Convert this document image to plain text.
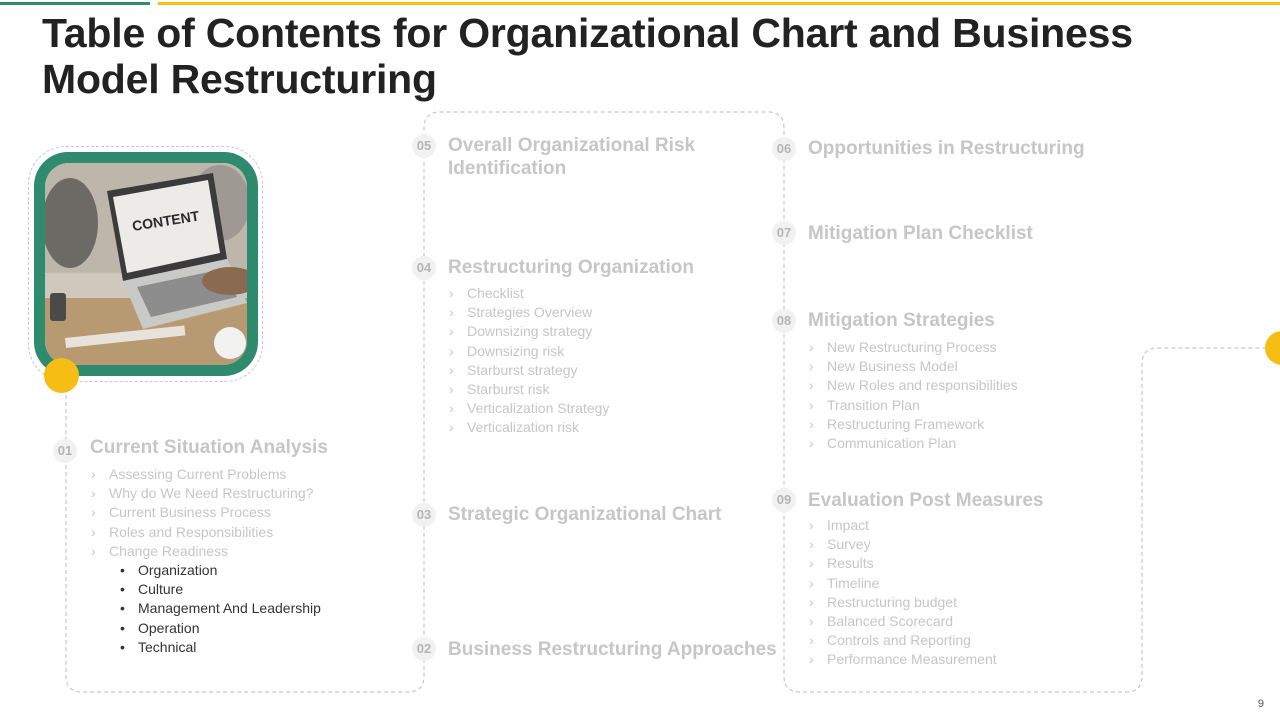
Table of Contents for Organizational Chart and Business Model Restructuring
CONTENT
01 Current Situation Analysis
› Assessing Current Problems
› Why do We Need Restructuring?
› Current Business Process
› Roles and Responsibilities
› Change Readiness
• Organization
• Culture
• Management And Leadership
• Operation
• Technical	02 Business Restructuring Approaches
03 Strategic Organizational Chart
04 Restructuring Organization
› Checklist
› Strategies Overview
› Downsizing strategy
› Downsizing risk
› Starburst strategy
› Starburst risk
› Verticalization Strategy
› Verticalization risk
05 Overall Organizational Risk Identification
06 Opportunities in Restructuring
07 Mitigation Plan Checklist
08 Mitigation Strategies
› New Restructuring Process
› New Business Model
› New Roles and responsibilities
› Transition Plan
› Restructuring Framework
› Communication Plan
09 Evaluation Post Measures
› Impact
› Survey
› Results
› Timeline
› Restructuring budget
› Balanced Scorecard
› Controls and Reporting
› Performance Measurement
9
